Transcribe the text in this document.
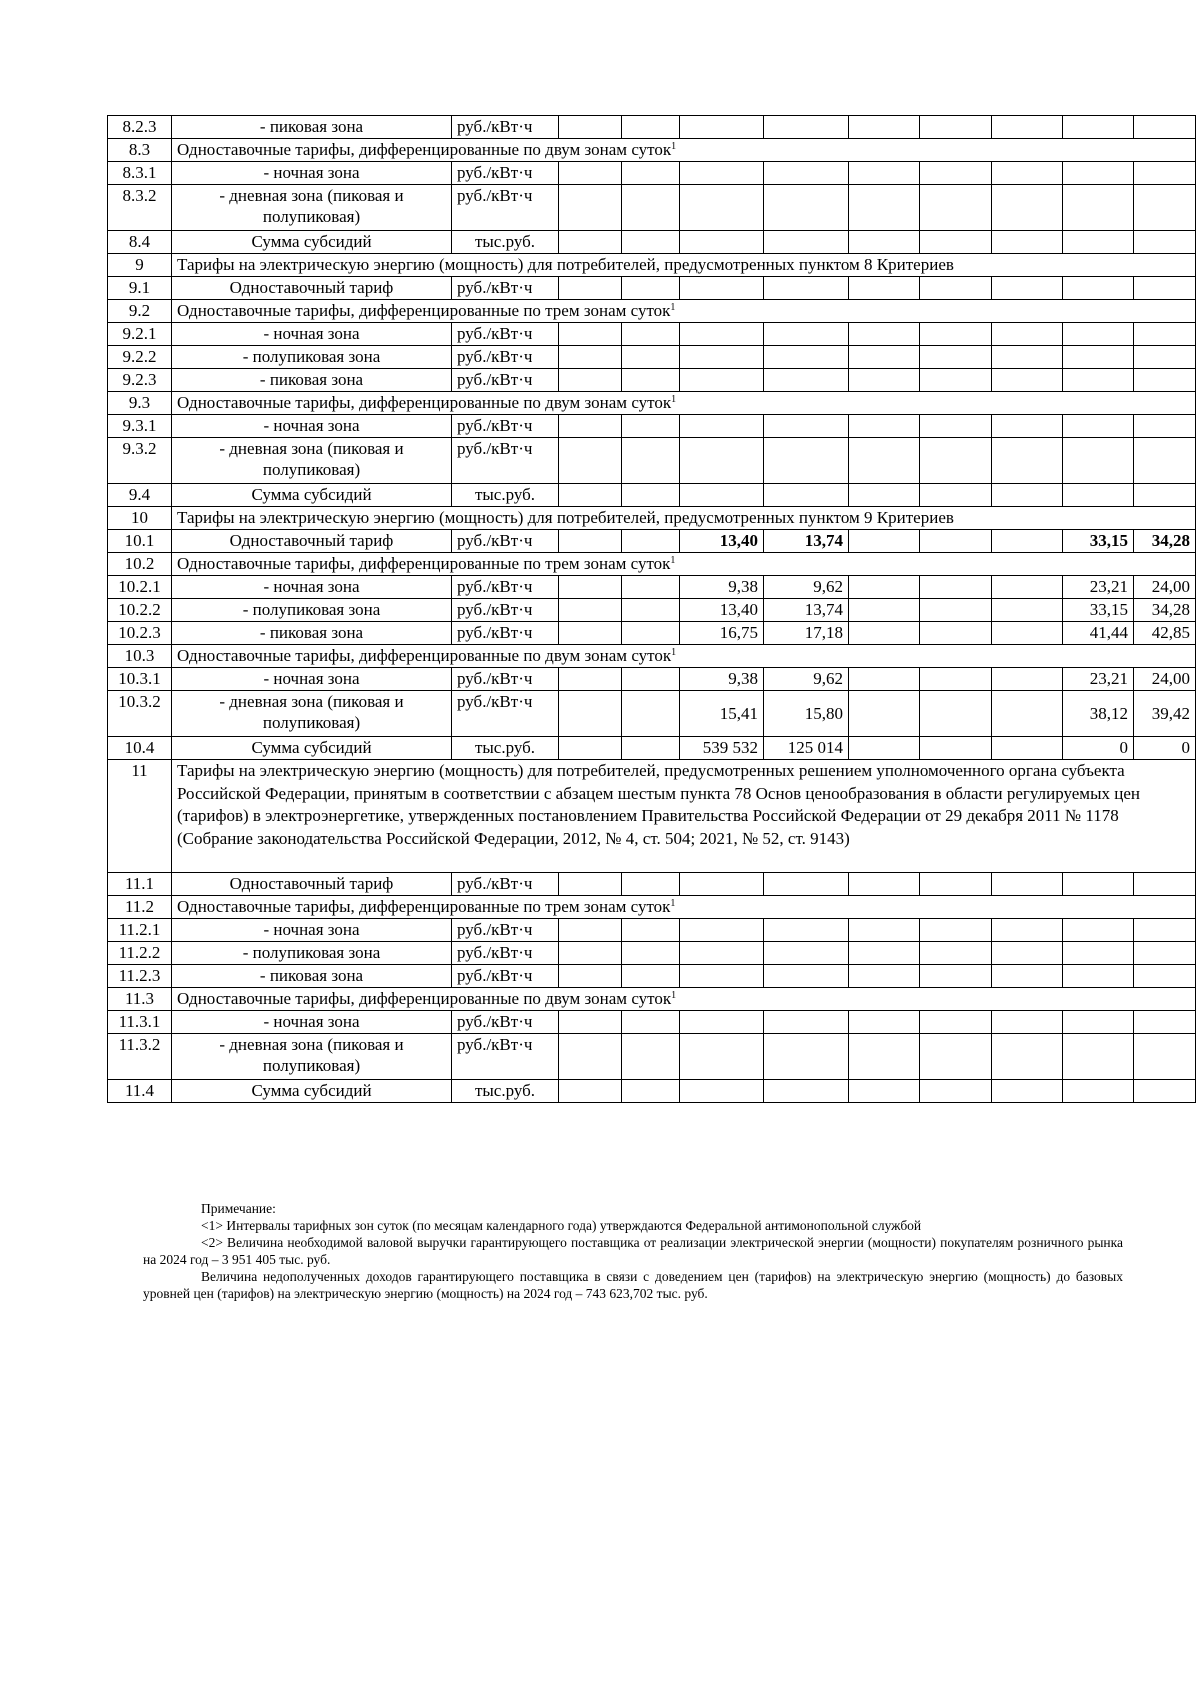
8.2.3	- пиковая зона	руб./кВт·ч									
8.3	Одноставочные тарифы, дифференцированные по двум зонам суток$^1$
8.3.1	- ночная зона	руб./кВт·ч									
8.3.2	- дневная зона (пиковая и полупиковая)	руб./кВт·ч									
8.4	Сумма субсидий	тыс.руб.									
9	Тарифы на электрическую энергию (мощность) для потребителей, предусмотренных пунктом 8 Критериев										
9.1	Одноставочный тариф	руб./кВт·ч									
9.2	Одноставочные тарифы, дифференцированные по трем зонам суток$^1$
9.2.1	- ночная зона	руб./кВт·ч									
9.2.2	- полупиковая зона	руб./кВт·ч									
9.2.3	- пиковая зона	руб./кВт·ч									
9.3	Одноставочные тарифы, дифференцированные по двум зонам суток$^1$
9.3.1	- ночная зона	руб./кВт·ч									
9.3.2	- дневная зона (пиковая и полупиковая)	руб./кВт·ч									
9.4	Сумма субсидий	тыс.руб.									
10	Тарифы на электрическую энергию (мощность) для потребителей, предусмотренных пунктом 9 Критериев										
10.1	Одноставочный тариф	руб./кВт·ч			13,40	13,74				33,15	34,28
10.2	Одноставочные тарифы, дифференцированные по трем зонам суток$^1$
10.2.1	- ночная зона	руб./кВт·ч			9,38	9,62				23,21	24,00
10.2.2	- полупиковая зона	руб./кВт·ч			13,40	13,74				33,15	34,28
10.2.3	- пиковая зона	руб./кВт·ч			16,75	17,18				41,44	42,85
10.3	Одноставочные тарифы, дифференцированные по двум зонам суток$^1$
10.3.1	- ночная зона	руб./кВт·ч			9,38	9,62				23,21	24,00
10.3.2	- дневная зона (пиковая и полупиковая)	руб./кВт·ч			15,41	15,80				38,12	39,42
10.4	Сумма субсидий	тыс.руб.			539 532	125 014				0	0
11	Тарифы на электрическую энергию (мощность) для потребителей, предусмотренных решением уполномоченного органа субъекта Российской Федерации, принятым в соответствии с абзацем шестым пункта 78 Основ ценообразования в области регулируемых цен (тарифов) в электроэнергетике, утвержденных постановлением Правительства Российской Федерации от 29 декабря 2011 № 1178 (Собрание законодательства Российской Федерации, 2012, № 4, ст. 504; 2021, № 52, ст. 9143)										
11.1	Одноставочный тариф	руб./кВт·ч									
11.2	Одноставочные тарифы, дифференцированные по трем зонам суток$^1$
11.2.1	- ночная зона	руб./кВт·ч									
11.2.2	- полупиковая зона	руб./кВт·ч									
11.2.3	- пиковая зона	руб./кВт·ч									
11.3	Одноставочные тарифы, дифференцированные по двум зонам суток$^1$
11.3.1	- ночная зона	руб./кВт·ч									
11.3.2	- дневная зона (пиковая и полупиковая)	руб./кВт·ч									
11.4	Сумма субсидий	тыс.руб.									

Примечание:

<1> Интервалы тарифных зон суток (по месяцам календарного года) утверждаются Федеральной антимонопольной службой

<2> Величина необходимой валовой выручки гарантирующего поставщика от реализации электрической энергии (мощности) покупателям розничного рынка на 2024 год – 3 951 405 тыс. руб.

Величина недополученных доходов гарантирующего поставщика в связи с доведением цен (тарифов) на электрическую энергию (мощность) до базовых уровней цен (тарифов) на электрическую энергию (мощность) на 2024 год – 743 623,702 тыс. руб.
